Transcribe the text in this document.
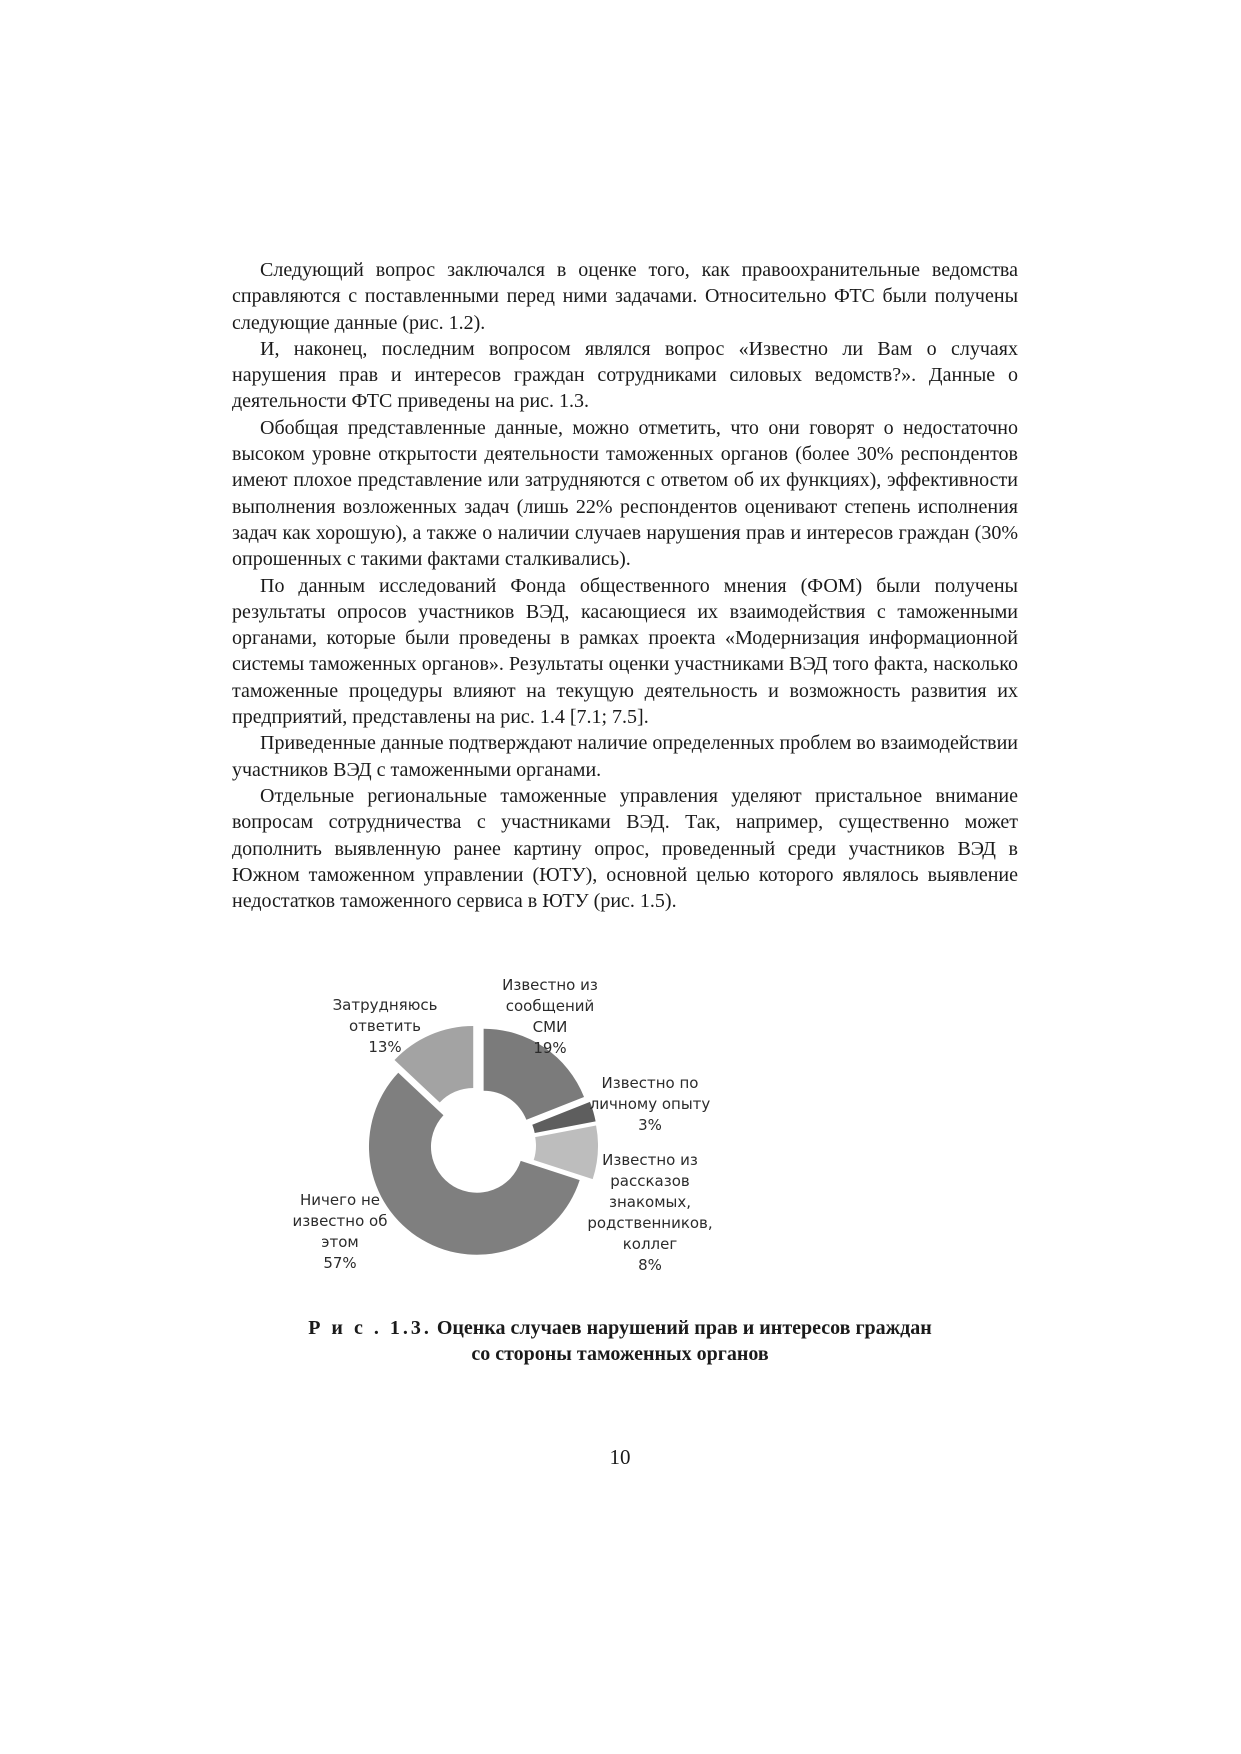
Следующий вопрос заключался в оценке того, как правоохранительные ведомства справляются с поставленными перед ними задачами. Относительно ФТС были получены следующие данные (рис. 1.2).

И, наконец, последним вопросом являлся вопрос «Известно ли Вам о случаях нарушения прав и интересов граждан сотрудниками силовых ведомств?». Данные о деятельности ФТС приведены на рис. 1.3.

Обобщая представленные данные, можно отметить, что они говорят о недостаточно высоком уровне открытости деятельности таможенных органов (более 30% респондентов имеют плохое представление или затрудняются с ответом об их функциях), эффективности выполнения возложенных задач (лишь 22% респондентов оценивают степень исполнения задач как хорошую), а также о наличии случаев нарушения прав и интересов граждан (30% опрошенных с такими фактами сталкивались).

По данным исследований Фонда общественного мнения (ФОМ) были получены результаты опросов участников ВЭД, касающиеся их взаимодействия с таможенными органами, которые были проведены в рамках проекта «Модернизация информационной системы таможенных органов». Результаты оценки участниками ВЭД того факта, насколько таможенные процедуры влияют на текущую деятельность и возможность развития их предприятий, представлены на рис. 1.4 [7.1; 7.5].

Приведенные данные подтверждают наличие определенных проблем во взаимодействии участников ВЭД с таможенными органами.

Отдельные региональные таможенные управления уделяют пристальное внимание вопросам сотрудничества с участниками ВЭД. Так, например, существенно может дополнить выявленную ранее картину опрос, проведенный среди участников ВЭД в Южном таможенном управлении (ЮТУ), основной целью которого являлось выявление недостатков таможенного сервиса в ЮТУ (рис. 1.5).

Известно из
сообщений
СМИ
19%
Известно по
личному опыту
3%
Известно из
рассказов
знакомых,
родственников,
коллег
8%
Ничего не
известно об
этом
57%
Затрудняюсь
ответить
13%
Р и с . 1.3. Оценка случаев нарушений прав и интересов граждан
со стороны таможенных органов
10
